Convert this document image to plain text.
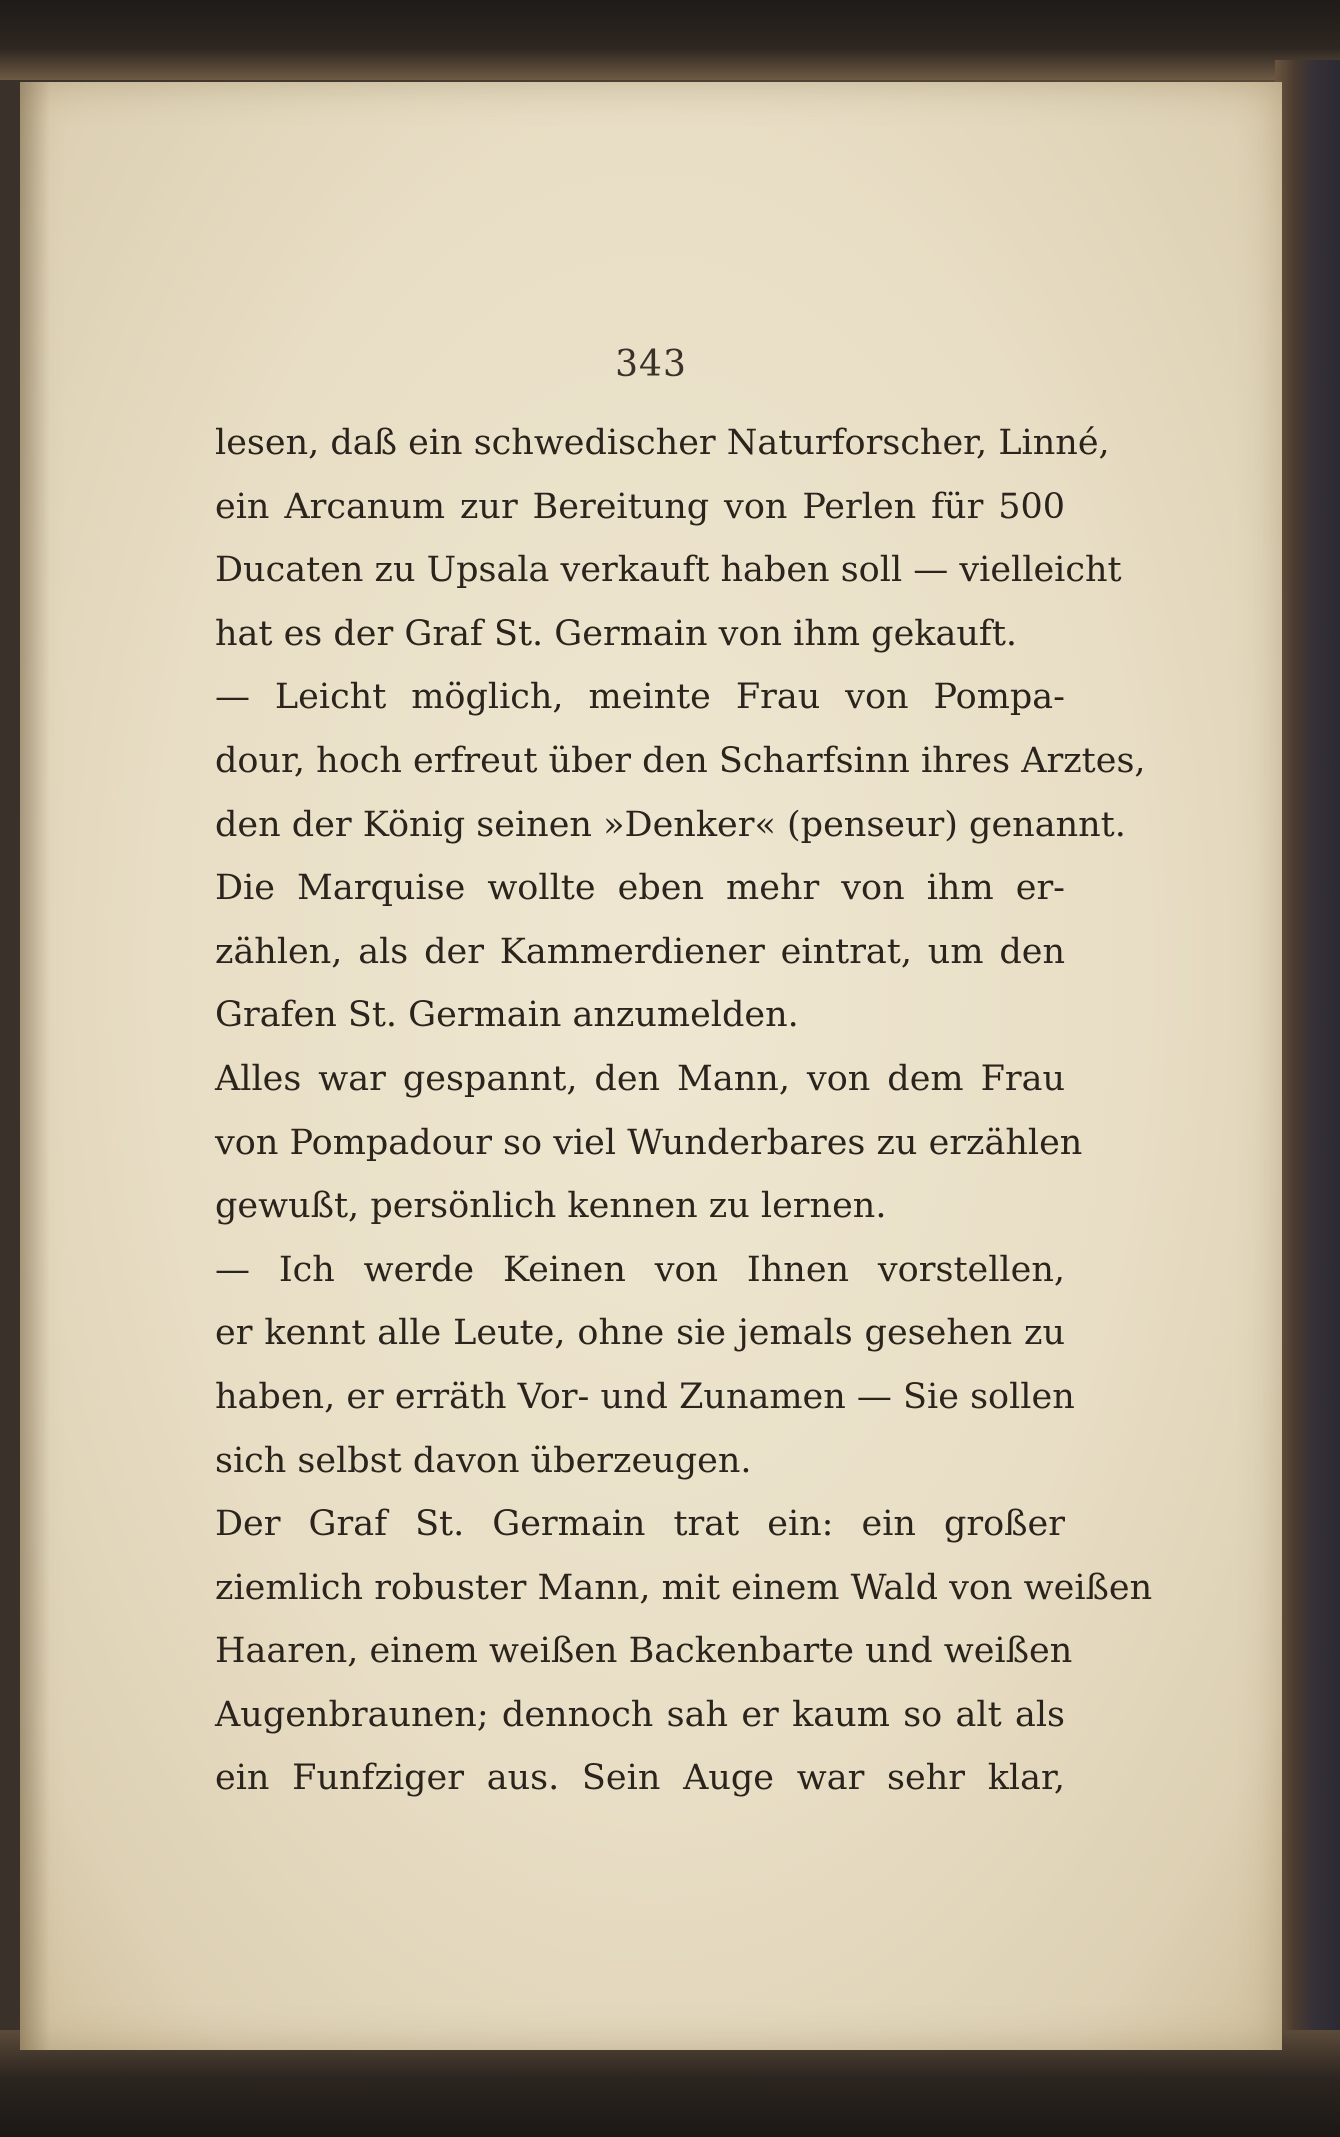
343
lesen, daß ein schwedischer Naturforscher, Linné,
ein Arcanum zur Bereitung von Perlen für 500
Ducaten zu Upsala verkauft haben soll — vielleicht
hat es der Graf St. Germain von ihm gekauft.
— Leicht möglich, meinte Frau von Pompa-
dour, hoch erfreut über den Scharfsinn ihres Arztes,
den der König seinen »Denker« (penseur) genannt.
Die Marquise wollte eben mehr von ihm er-
zählen, als der Kammerdiener eintrat, um den
Grafen St. Germain anzumelden.
Alles war gespannt, den Mann, von dem Frau
von Pompadour so viel Wunderbares zu erzählen
gewußt, persönlich kennen zu lernen.
— Ich werde Keinen von Ihnen vorstellen,
er kennt alle Leute, ohne sie jemals gesehen zu
haben, er erräth Vor- und Zunamen — Sie sollen
sich selbst davon überzeugen.
Der Graf St. Germain trat ein: ein großer
ziemlich robuster Mann, mit einem Wald von weißen
Haaren, einem weißen Backenbarte und weißen
Augenbraunen; dennoch sah er kaum so alt als
ein Funfziger aus. Sein Auge war sehr klar,
